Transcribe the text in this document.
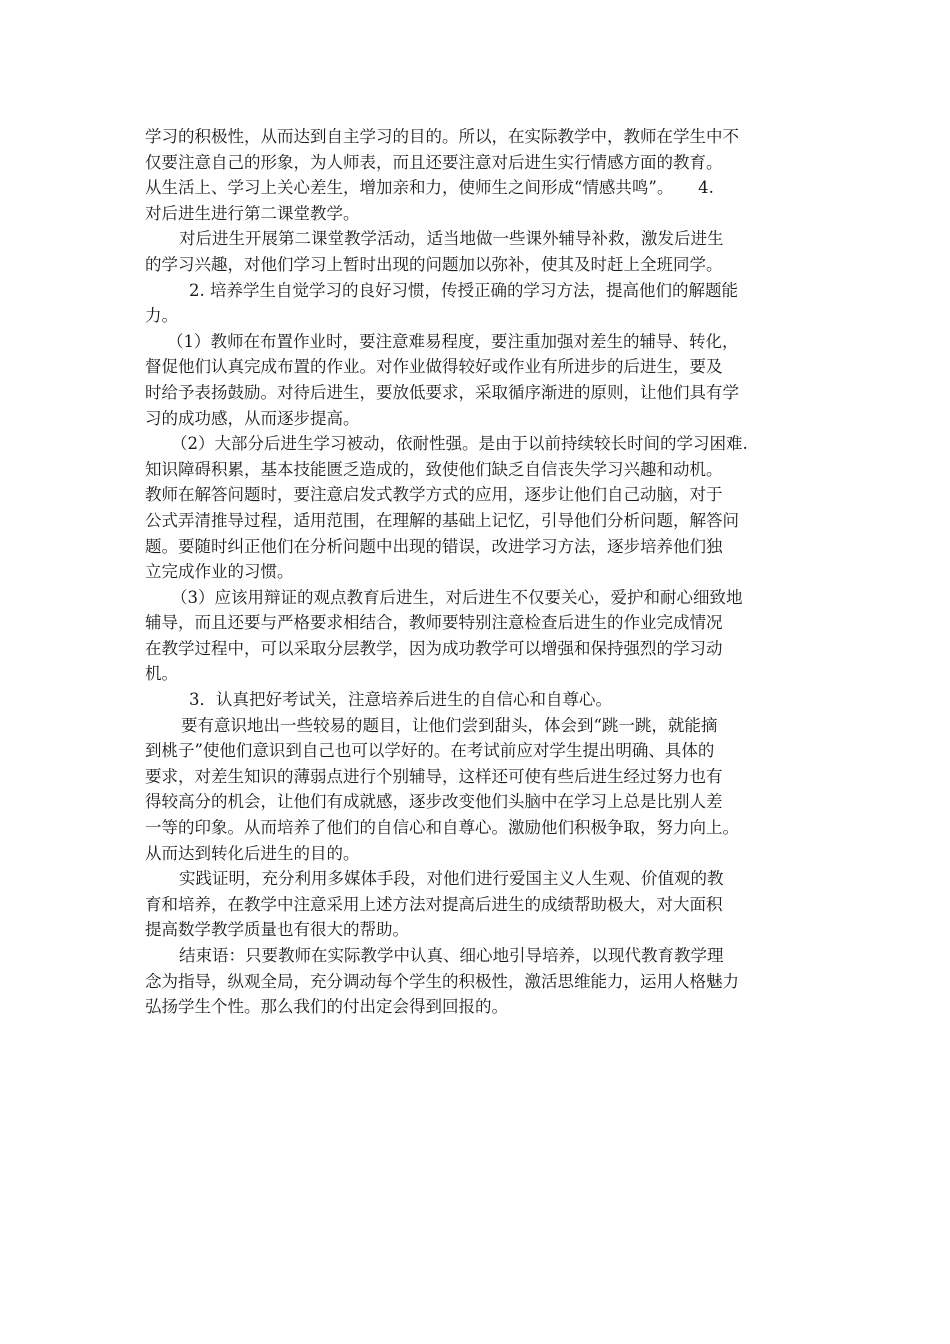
学习的积极性，从而达到自主学习的目的。所以，在实际教学中，教师在学生中不
仅要注意自己的形象，为人师表，而且还要注意对后进生实行情感方面的教育。
从生活上、学习上关心差生，增加亲和力，使师生之间形成“情感共鸣”。　　4.
对后进生进行第二课堂教学。
对后进生开展第二课堂教学活动，适当地做一些课外辅导补救，激发后进生
的学习兴趣，对他们学习上暂时出现的问题加以弥补，使其及时赶上全班同学。
2. 培养学生自觉学习的良好习惯，传授正确的学习方法，提高他们的解题能
力。
（1）教师在布置作业时，要注意难易程度，要注重加强对差生的辅导、转化，
督促他们认真完成布置的作业。对作业做得较好或作业有所进步的后进生，要及
时给予表扬鼓励。对待后进生，要放低要求，采取循序渐进的原则，让他们具有学
习的成功感，从而逐步提高。
（2）大部分后进生学习被动，依耐性强。是由于以前持续较长时间的学习困难.
知识障碍积累，基本技能匮乏造成的，致使他们缺乏自信丧失学习兴趣和动机。
教师在解答问题时，要注意启发式教学方式的应用，逐步让他们自己动脑，对于
公式弄清推导过程，适用范围，在理解的基础上记忆，引导他们分析问题，解答问
题。要随时纠正他们在分析问题中出现的错误，改进学习方法，逐步培养他们独
立完成作业的习惯。
（3）应该用辩证的观点教育后进生，对后进生不仅要关心，爱护和耐心细致地
辅导，而且还要与严格要求相结合，教师要特别注意检查后进生的作业完成情况
在教学过程中，可以采取分层教学，因为成功教学可以增强和保持强烈的学习动
机。
3．认真把好考试关，注意培养后进生的自信心和自尊心。
要有意识地出一些较易的题目，让他们尝到甜头，体会到“跳一跳，就能摘
到桃子”使他们意识到自己也可以学好的。在考试前应对学生提出明确、具体的
要求，对差生知识的薄弱点进行个别辅导，这样还可使有些后进生经过努力也有
得较高分的机会，让他们有成就感，逐步改变他们头脑中在学习上总是比别人差
一等的印象。从而培养了他们的自信心和自尊心。激励他们积极争取，努力向上。
从而达到转化后进生的目的。
实践证明，充分利用多媒体手段，对他们进行爱国主义人生观、价值观的教
育和培养，在教学中注意采用上述方法对提高后进生的成绩帮助极大，对大面积
提高数学教学质量也有很大的帮助。
结束语：只要教师在实际教学中认真、细心地引导培养，以现代教育教学理
念为指导，纵观全局，充分调动每个学生的积极性，激活思维能力，运用人格魅力
弘扬学生个性。那么我们的付出定会得到回报的。
